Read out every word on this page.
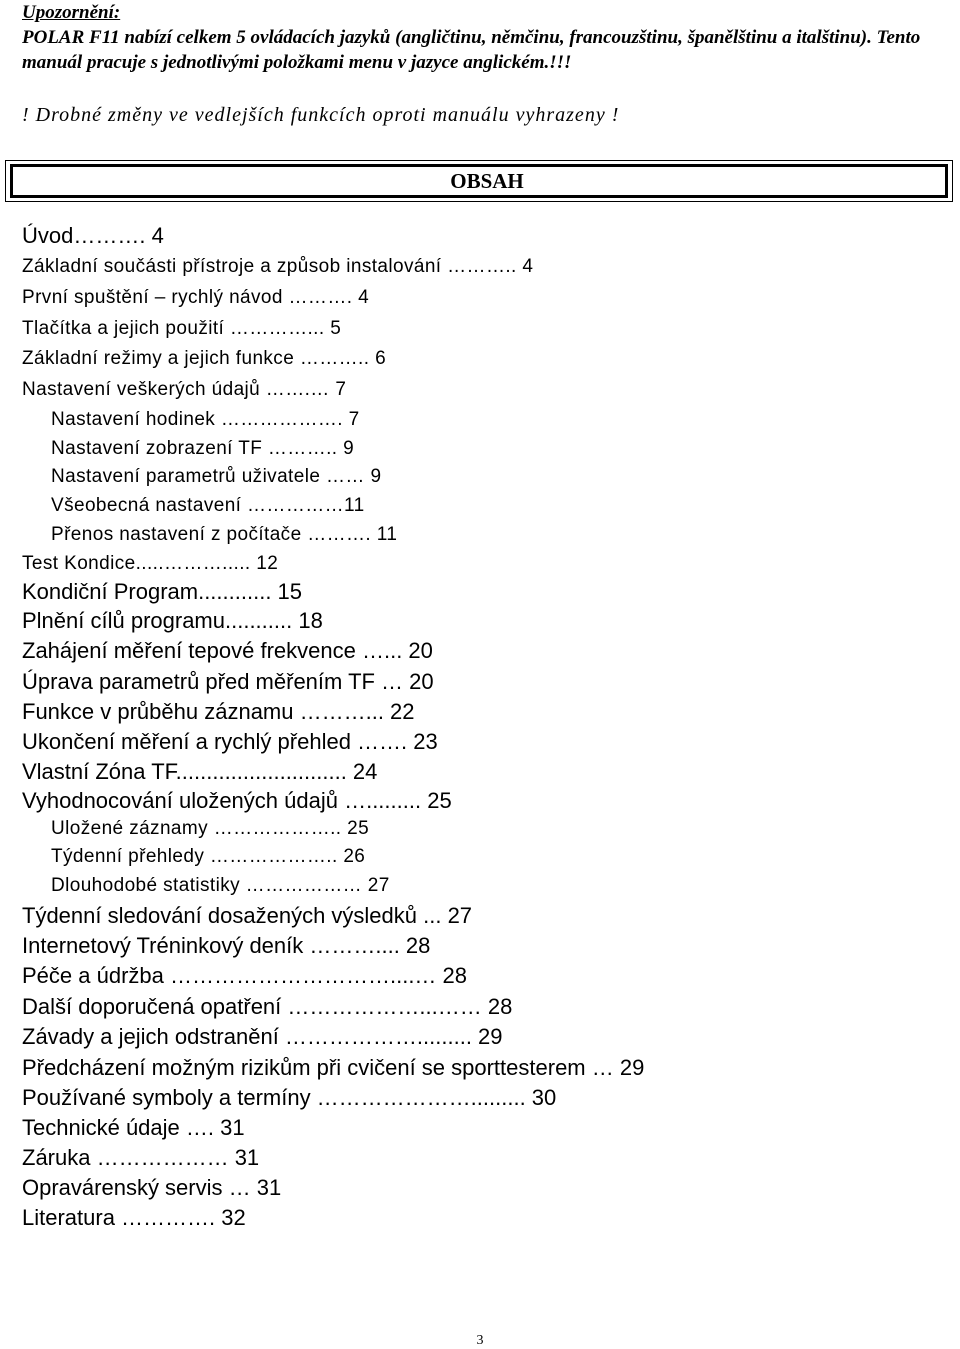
Upozornění:
POLAR F11 nabízí celkem 5 ovládacích jazyků (angličtinu, němčinu, francouzštinu, španělštinu a italštinu). Tento manuál pracuje s jednotlivými položkami menu v jazyce anglickém.!!!
! Drobné změny ve vedlejších funkcích oproti manuálu vyhrazeny !
OBSAH
Úvod………. 4
Základní součásti přístroje a způsob instalování ……….. 4
První spuštění – rychlý návod ………. 4
Tlačítka a jejich použití …………... 5
Základní režimy a jejich funkce ……….. 6
Nastavení veškerých údajů …….… 7
Nastavení hodinek ………………. 7
Nastavení zobrazení TF ……….. 9
Nastavení parametrů uživatele …… 9
Všeobecná nastavení ……………11
Přenos nastavení z počítače ………. 11
Test Kondice.....………..... 12
Kondiční Program............ 15
Plnění cílů programu........... 18
Zahájení měření tepové frekvence …... 20
Úprava parametrů před měřením TF … 20
Funkce v průběhu záznamu ………... 22
Ukončení měření a rychlý přehled ……. 23
Vlastní Zóna TF............................ 24
Vyhodnocování uložených údajů …......... 25
Uložené záznamy ……………….. 25
Týdenní přehledy ……………….. 26
Dlouhodobé statistiky ……………… 27
Týdenní sledování dosažených výsledků ... 27
Internetový Tréninkový deník ……….... 28
Péče a údržba …………………………....… 28
Další doporučená opatření ………………...…… 28
Závady a jejich odstranění ………………......... 29
Předcházení možným rizikům při cvičení se sporttesterem … 29
Používané symboly a termíny …………………......... 30
Technické údaje …. 31
Záruka ……………… 31
Opravárenský servis … 31
Literatura …………. 32
3
